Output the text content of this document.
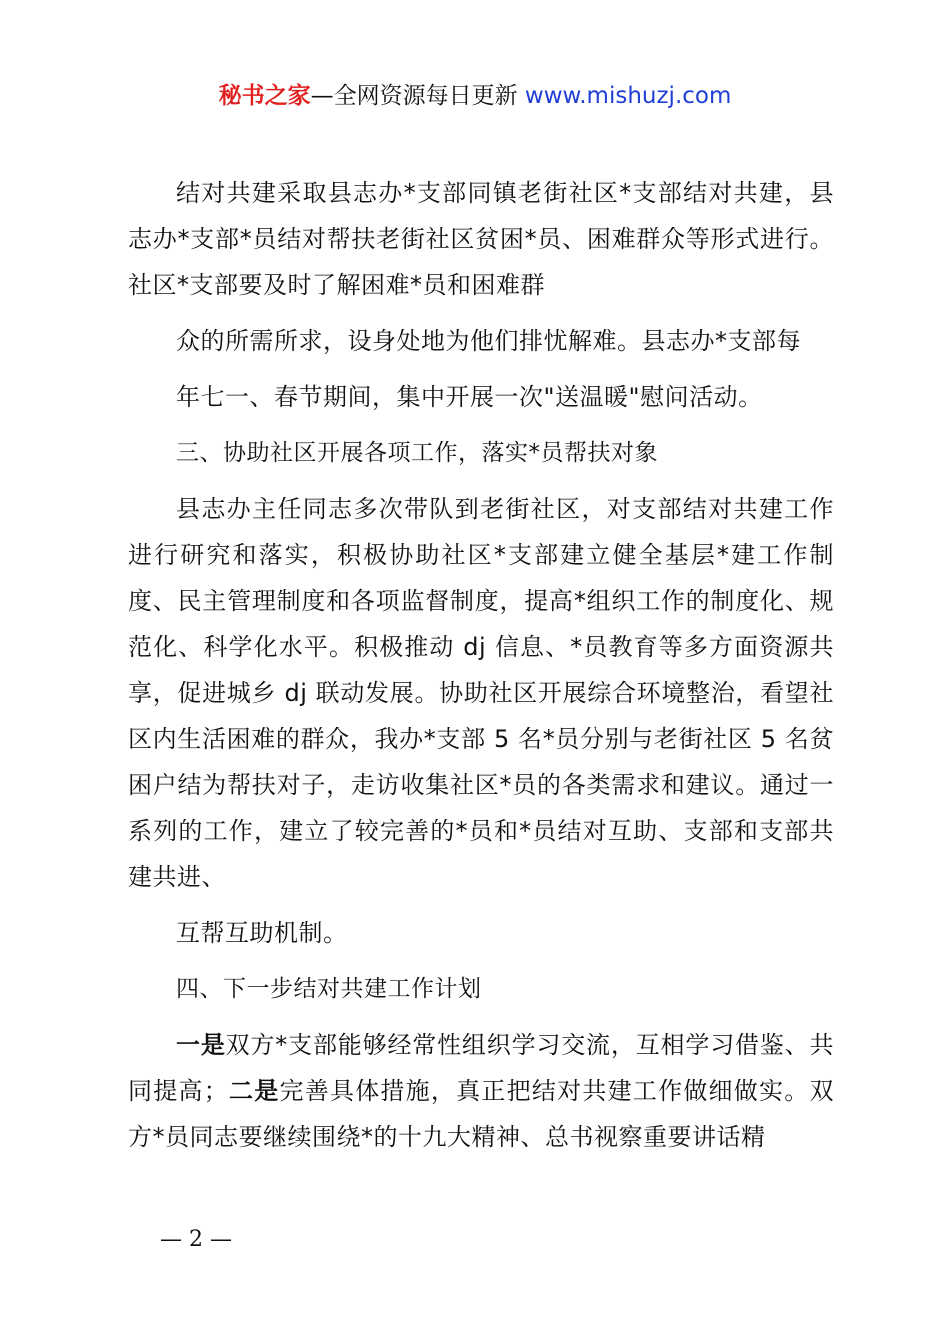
秘书之家—全网资源每日更新 www.mishuzj.com

结对共建采取县志办*支部同镇老街社区*支部结对共建，县志办*支部*员结对帮扶老街社区贫困*员、困难群众等形式进行。社区*支部要及时了解困难*员和困难群

众的所需所求，设身处地为他们排忧解难。县志办*支部每

年七一、春节期间，集中开展一次"送温暖"慰问活动。

三、协助社区开展各项工作，落实*员帮扶对象

县志办主任同志多次带队到老街社区，对支部结对共建工作进行研究和落实，积极协助社区*支部建立健全基层*建工作制度、民主管理制度和各项监督制度，提高*组织工作的制度化、规范化、科学化水平。积极推动 dj 信息、*员教育等多方面资源共享，促进城乡 dj 联动发展。协助社区开展综合环境整治，看望社区内生活困难的群众，我办*支部 5 名*员分别与老街社区 5 名贫困户结为帮扶对子，走访收集社区*员的各类需求和建议。通过一系列的工作，建立了较完善的*员和*员结对互助、支部和支部共建共进、

互帮互助机制。

四、下一步结对共建工作计划

一是双方*支部能够经常性组织学习交流，互相学习借鉴、共同提高；二是完善具体措施，真正把结对共建工作做细做实。双方*员同志要继续围绕*的十九大精神、总书视察重要讲话精

— 2 —
